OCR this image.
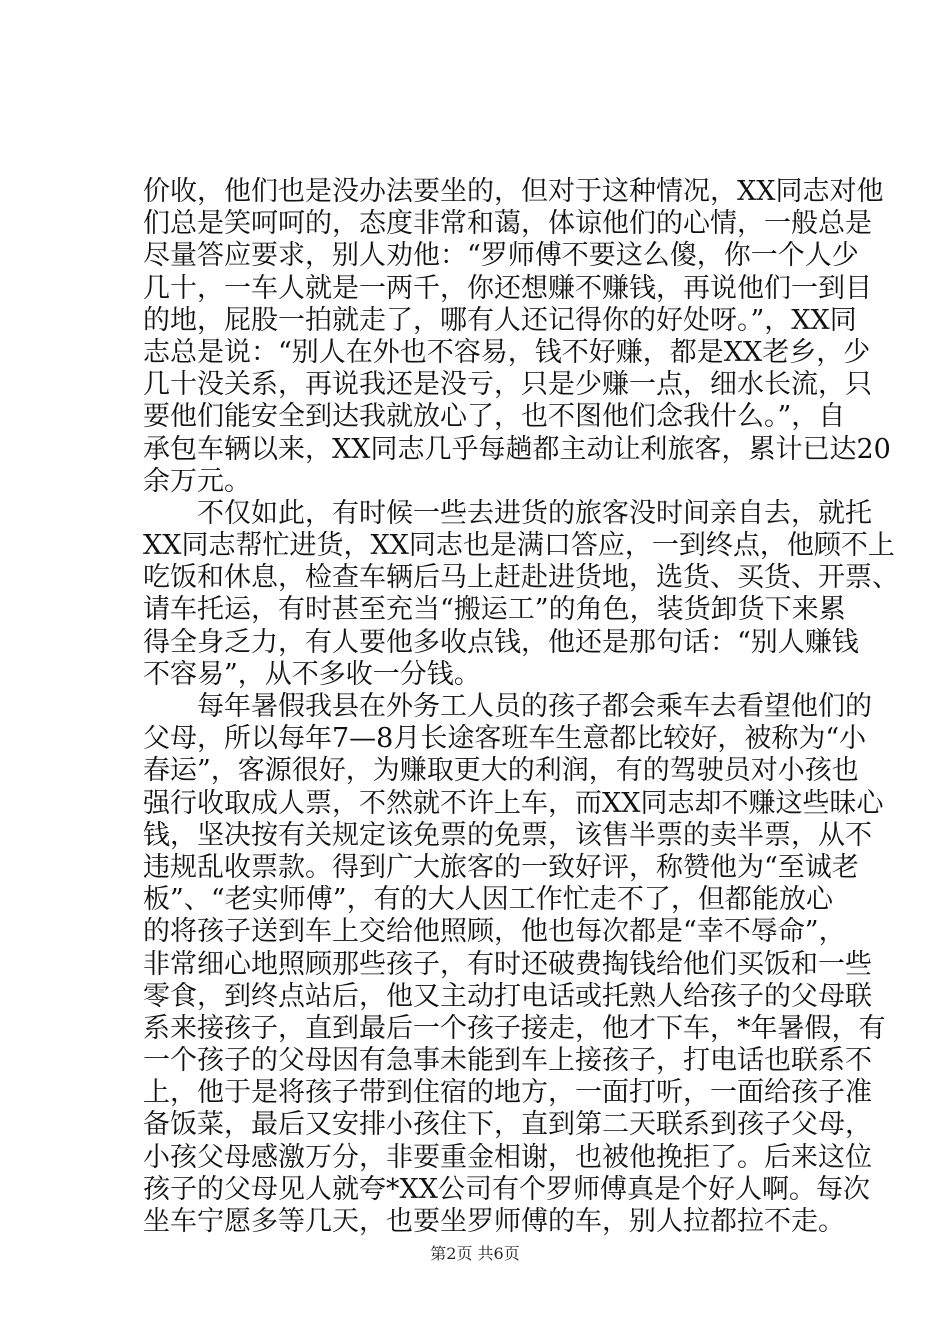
价收，他们也是没办法要坐的，但对于这种情况，XX同志对他
们总是笑呵呵的，态度非常和蔼，体谅他们的心情，一般总是
尽量答应要求，别人劝他：“罗师傅不要这么傻，你一个人少
几十，一车人就是一两千，你还想赚不赚钱，再说他们一到目
的地，屁股一拍就走了，哪有人还记得你的好处呀。”，XX同
志总是说：“别人在外也不容易，钱不好赚，都是XX老乡，少
几十没关系，再说我还是没亏，只是少赚一点，细水长流，只
要他们能安全到达我就放心了，也不图他们念我什么。”，自
承包车辆以来，XX同志几乎每趟都主动让利旅客，累计已达20
余万元。
　　不仅如此，有时候一些去进货的旅客没时间亲自去，就托
XX同志帮忙进货，XX同志也是满口答应，一到终点，他顾不上
吃饭和休息，检查车辆后马上赶赴进货地，选货、买货、开票、
请车托运，有时甚至充当“搬运工”的角色，装货卸货下来累
得全身乏力，有人要他多收点钱，他还是那句话：“别人赚钱
不容易”，从不多收一分钱。
　　每年暑假我县在外务工人员的孩子都会乘车去看望他们的
父母，所以每年7—8月长途客班车生意都比较好，被称为“小
春运”，客源很好，为赚取更大的利润，有的驾驶员对小孩也
强行收取成人票，不然就不许上车，而XX同志却不赚这些昧心
钱，坚决按有关规定该免票的免票，该售半票的卖半票，从不
违规乱收票款。得到广大旅客的一致好评，称赞他为“至诚老
板”、“老实师傅”，有的大人因工作忙走不了，但都能放心
的将孩子送到车上交给他照顾，他也每次都是“幸不辱命”，
非常细心地照顾那些孩子，有时还破费掏钱给他们买饭和一些
零食，到终点站后，他又主动打电话或托熟人给孩子的父母联
系来接孩子，直到最后一个孩子接走，他才下车，*年暑假，有
一个孩子的父母因有急事未能到车上接孩子，打电话也联系不
上，他于是将孩子带到住宿的地方，一面打听，一面给孩子准
备饭菜，最后又安排小孩住下，直到第二天联系到孩子父母，
小孩父母感激万分，非要重金相谢，也被他挽拒了。后来这位
孩子的父母见人就夸*XX公司有个罗师傅真是个好人啊。每次
坐车宁愿多等几天，也要坐罗师傅的车，别人拉都拉不走。
第2页 共6页
